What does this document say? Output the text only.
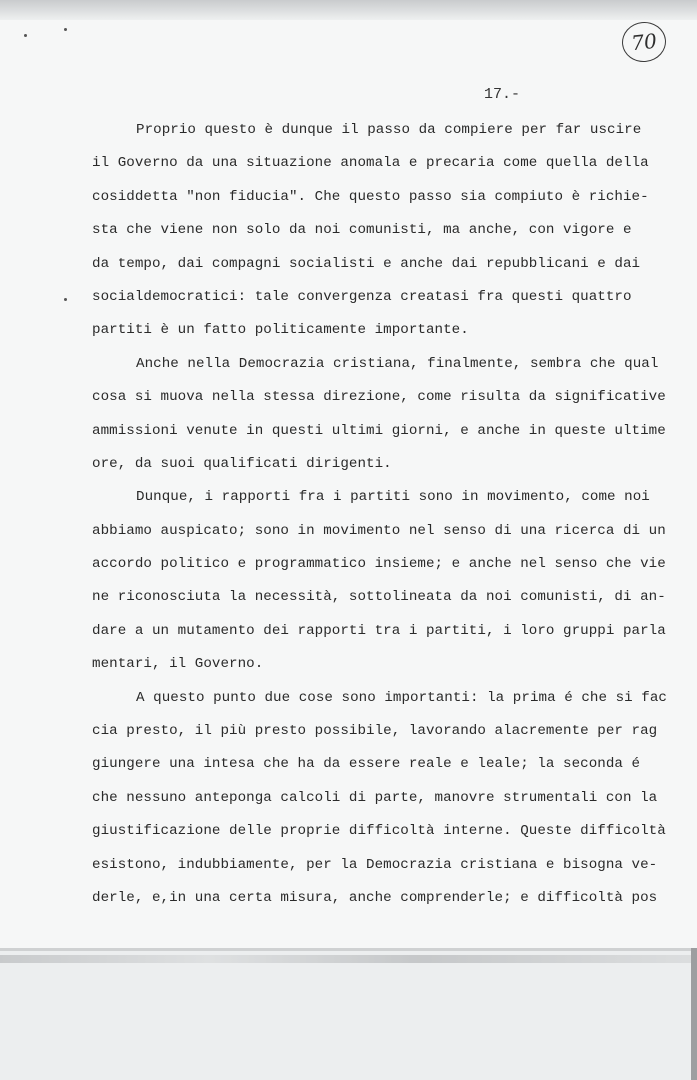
70
17.-
Proprio questo è dunque il passo da compiere per far uscire
il Governo da una situazione anomala e precaria come quella della
cosiddetta "non fiducia". Che questo passo sia compiuto è richie-
sta che viene non solo da noi comunisti, ma anche, con vigore e
da tempo, dai compagni socialisti e anche dai repubblicani e dai
socialdemocratici: tale convergenza creatasi fra questi quattro
partiti è un fatto politicamente importante.
Anche nella Democrazia cristiana, finalmente, sembra che qual
cosa si muova nella stessa direzione, come risulta da significative
ammissioni venute in questi ultimi giorni, e anche in queste ultime
ore, da suoi qualificati dirigenti.
Dunque, i rapporti fra i partiti sono in movimento, come noi
abbiamo auspicato; sono in movimento nel senso di una ricerca di un
accordo politico e programmatico insieme; e anche nel senso che vie
ne riconosciuta la necessità, sottolineata da noi comunisti, di an-
dare a un mutamento dei rapporti tra i partiti, i loro gruppi parla
mentari, il Governo.
A questo punto due cose sono importanti: la prima é che si fac
cia presto, il più presto possibile, lavorando alacremente per rag
giungere una intesa che ha da essere reale e leale; la seconda é
che nessuno anteponga calcoli di parte, manovre strumentali con la
giustificazione delle proprie difficoltà interne. Queste difficoltà
esistono, indubbiamente, per la Democrazia cristiana e bisogna ve-
derle, e,in una certa misura, anche comprenderle; e difficoltà pos
